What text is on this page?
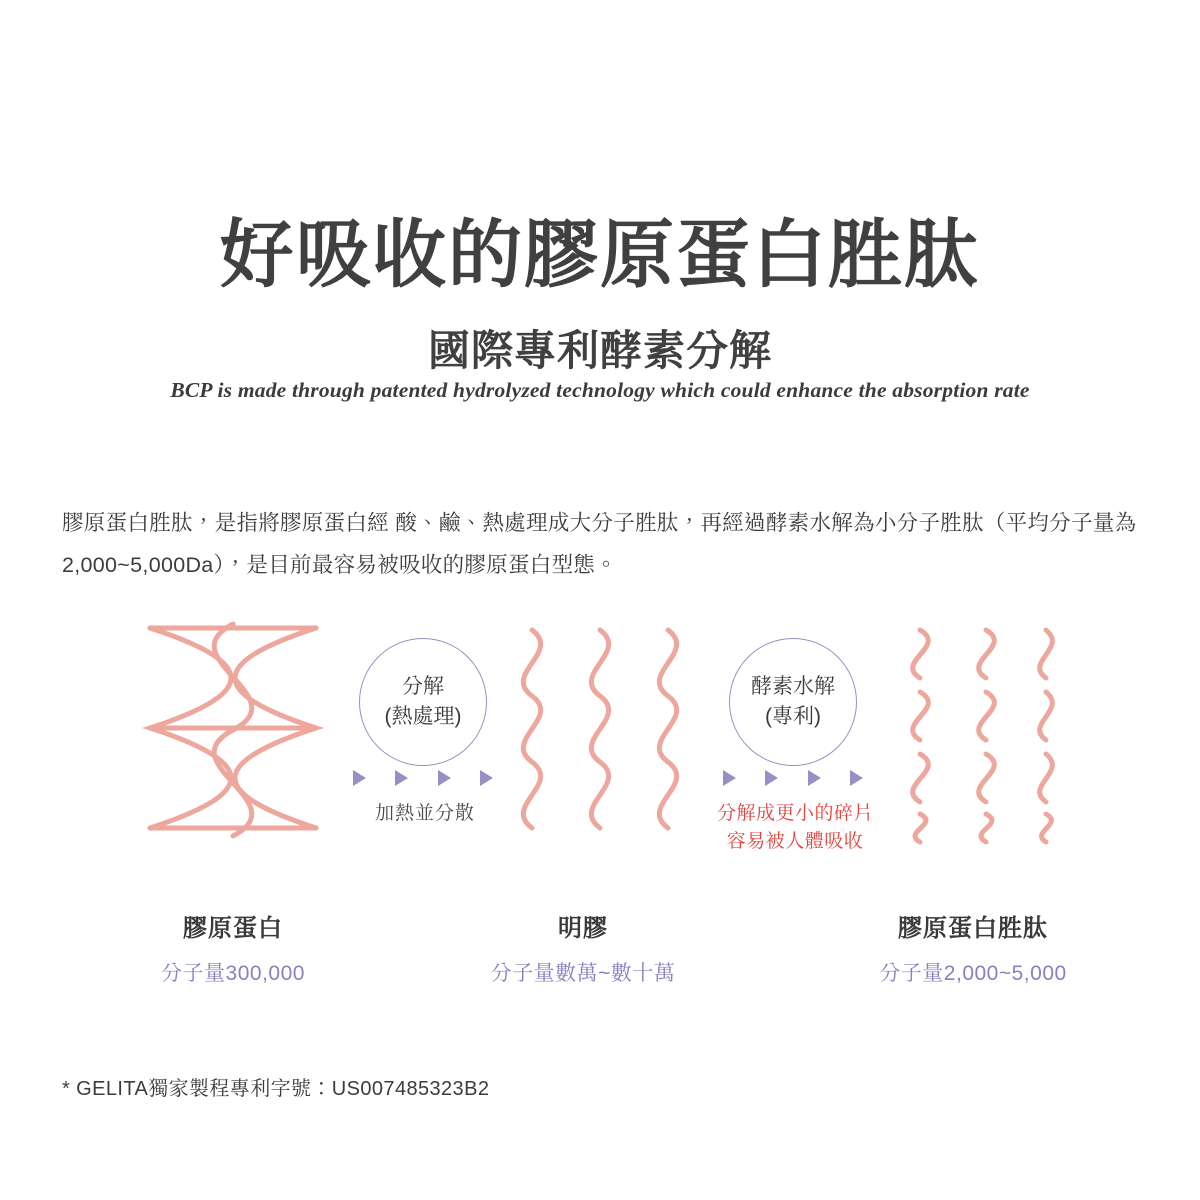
好吸收的膠原蛋白胜肽
國際專利酵素分解
BCP is made through patented hydrolyzed technology which could enhance the absorption rate

膠原蛋白胜肽，是指將膠原蛋白經 酸、鹼、熱處理成大分子胜肽，再經過酵素水解為小分子胜肽（平均分子量為2,000~5,000Da），是目前最容易被吸收的膠原蛋白型態。

分解
(熱處理)
加熱並分散
酵素水解
(專利)
分解成更小的碎片
容易被人體吸收
膠原蛋白
分子量300,000
明膠
分子量數萬~數十萬
膠原蛋白胜肽
分子量2,000~5,000
* GELITA獨家製程專利字號：US007485323B2
